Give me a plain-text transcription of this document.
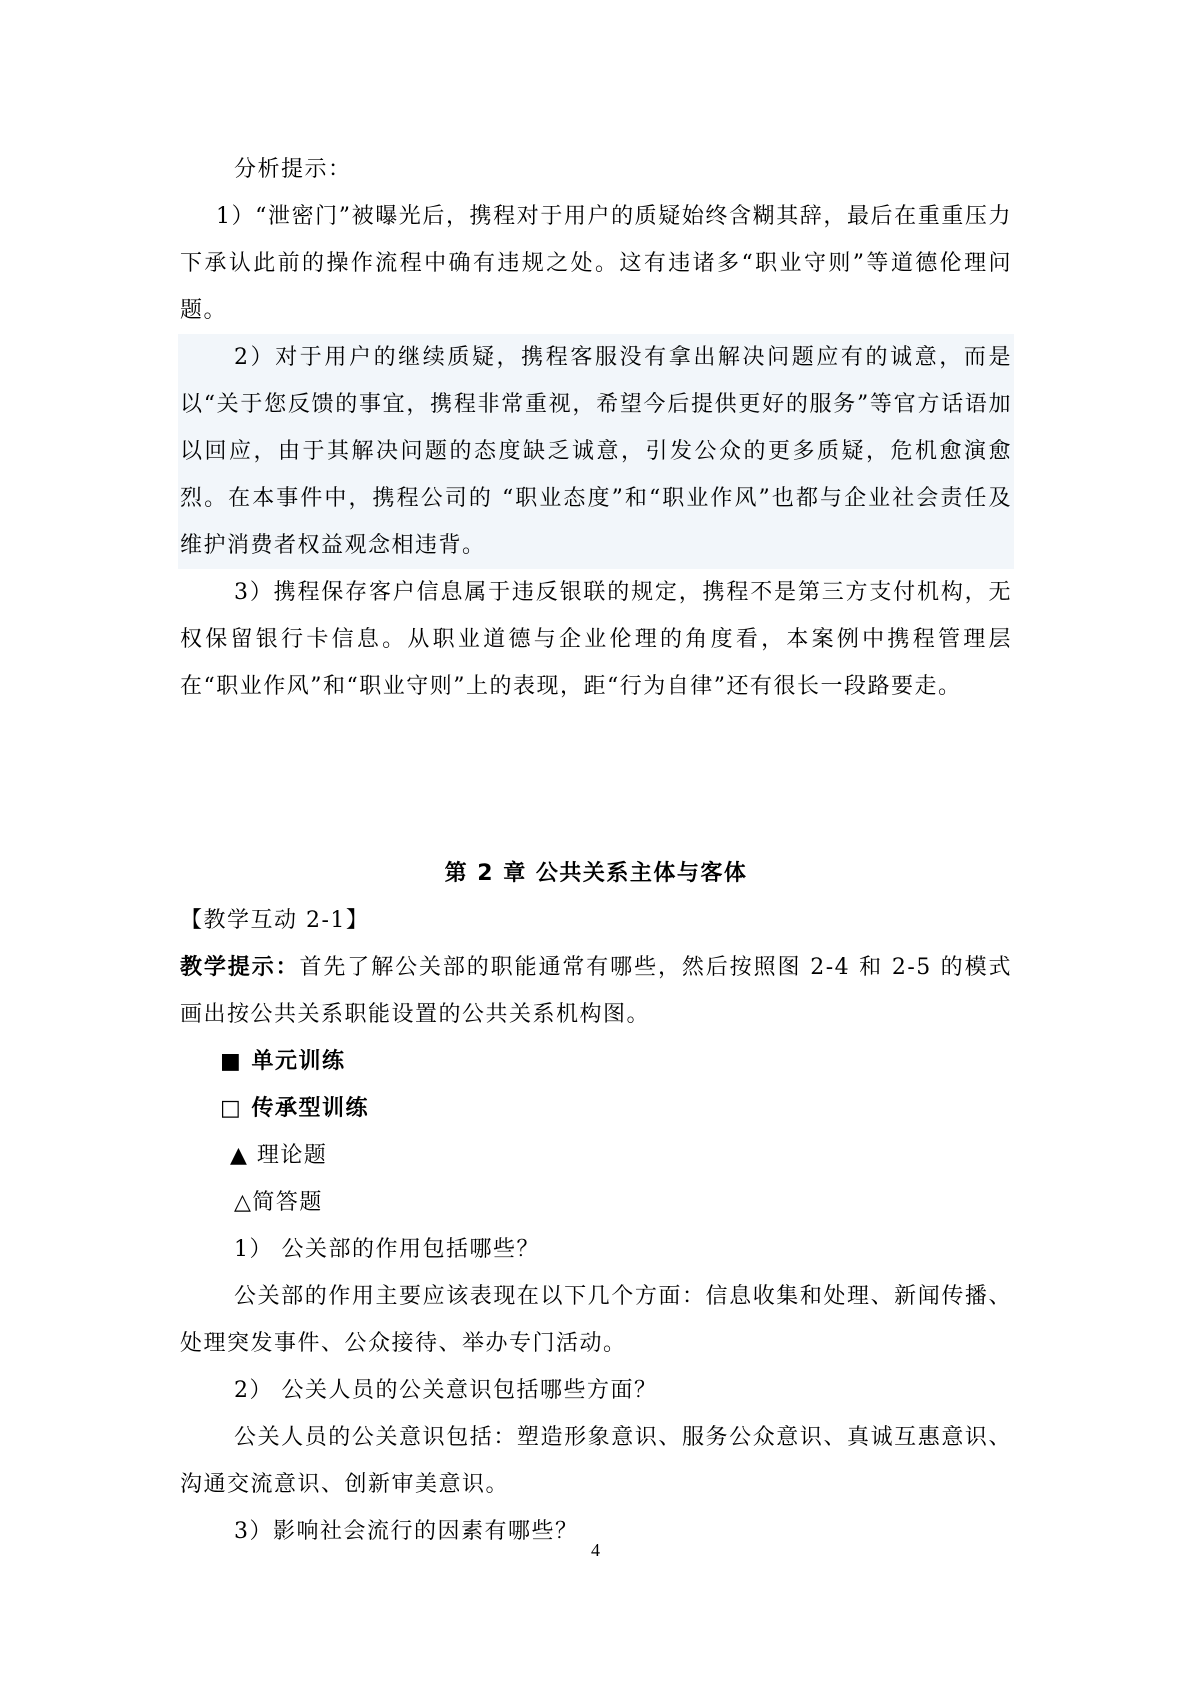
分析提示：

1）“泄密门”被曝光后，携程对于用户的质疑始终含糊其辞，最后在重重压力下承认此前的操作流程中确有违规之处。这有违诸多“职业守则”等道德伦理问题。

2）对于用户的继续质疑，携程客服没有拿出解决问题应有的诚意，而是以“关于您反馈的事宜，携程非常重视，希望今后提供更好的服务”等官方话语加以回应，由于其解决问题的态度缺乏诚意，引发公众的更多质疑，危机愈演愈烈。在本事件中，携程公司的 “职业态度”和“职业作风”也都与企业社会责任及维护消费者权益观念相违背。

3）携程保存客户信息属于违反银联的规定，携程不是第三方支付机构，无权保留银行卡信息。从职业道德与企业伦理的角度看，本案例中携程管理层在“职业作风”和“职业守则”上的表现，距“行为自律”还有很长一段路要走。

第 2 章 公共关系主体与客体

【教学互动 2-1】

教学提示：首先了解公关部的职能通常有哪些，然后按照图 2-4 和 2-5 的模式画出按公共关系职能设置的公共关系机构图。

■ 单元训练

□ 传承型训练

▲ 理论题

△简答题

1） 公关部的作用包括哪些？

公关部的作用主要应该表现在以下几个方面：信息收集和处理、新闻传播、处理突发事件、公众接待、举办专门活动。

2） 公关人员的公关意识包括哪些方面？

公关人员的公关意识包括：塑造形象意识、服务公众意识、真诚互惠意识、沟通交流意识、创新审美意识。

3）影响社会流行的因素有哪些？

4
